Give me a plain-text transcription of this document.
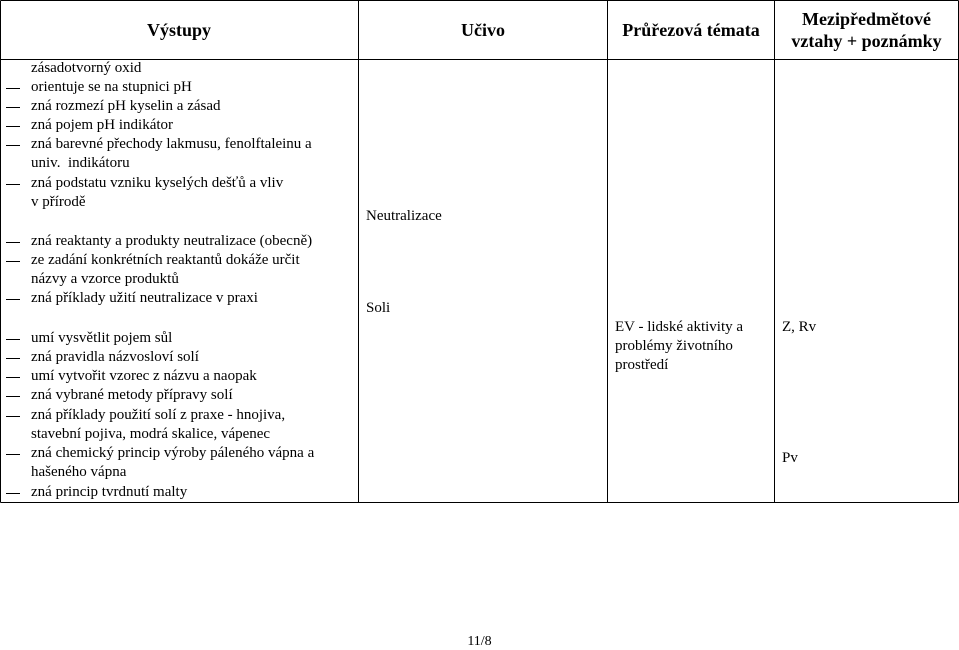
Výstupy	Učivo	Průřezová témata
Mezipředmětové
vztahy + poznámky
zásadotvorný oxid
orientuje se na stupnici pH
zná rozmezí pH kyselin a zásad
zná pojem pH indikátor
zná barevné přechody lakmusu, fenolftaleinu a
univ.  indikátoru
zná podstatu vzniku kyselých dešťů a vliv
v přírodě
zná reaktanty a produkty neutralizace (obecně)
ze zadání konkrétních reaktantů dokáže určit
názvy a vzorce produktů
zná příklady užití neutralizace v praxi
umí vysvětlit pojem sůl
zná pravidla názvosloví solí
umí vytvořit vzorec z názvu a naopak
zná vybrané metody přípravy solí
zná příklady použití solí z praxe - hnojiva,
stavební pojiva, modrá skalice, vápenec
zná chemický princip výroby páleného vápna a
hašeného vápna
zná princip tvrdnutí malty
Neutralizace
Soli
EV - lidské aktivity a
problémy životního
prostředí
Z, Rv
Pv
11/8
